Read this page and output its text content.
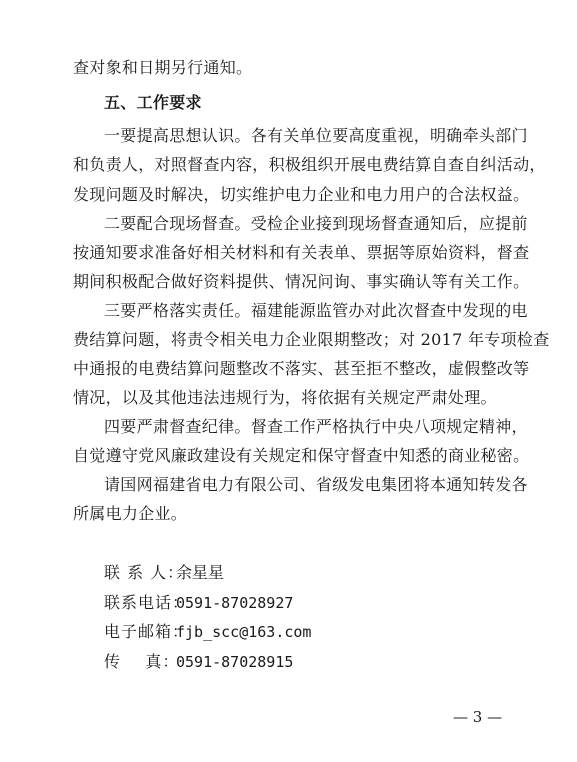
查对象和日期另行通知。
五、工作要求
一要提高思想认识。各有关单位要高度重视，明确牵头部门
和负责人，对照督查内容，积极组织开展电费结算自查自纠活动，
发现问题及时解决，切实维护电力企业和电力用户的合法权益。
二要配合现场督查。受检企业接到现场督查通知后，应提前
按通知要求准备好相关材料和有关表单、票据等原始资料，督查
期间积极配合做好资料提供、情况问询、事实确认等有关工作。
三要严格落实责任。福建能源监管办对此次督查中发现的电
费结算问题，将责令相关电力企业限期整改；对 2017 年专项检查
中通报的电费结算问题整改不落实、甚至拒不整改，虚假整改等
情况，以及其他违法违规行为，将依据有关规定严肃处理。
四要严肃督查纪律。督查工作严格执行中央八项规定精神，
自觉遵守党风廉政建设有关规定和保守督查中知悉的商业秘密。
请国网福建省电力有限公司、省级发电集团将本通知转发各
所属电力企业。
联 系 人：余星星
联系电话：0591-87028927
电子邮箱：fjb_scc@163.com
传    真：0591-87028915
— 3 —
